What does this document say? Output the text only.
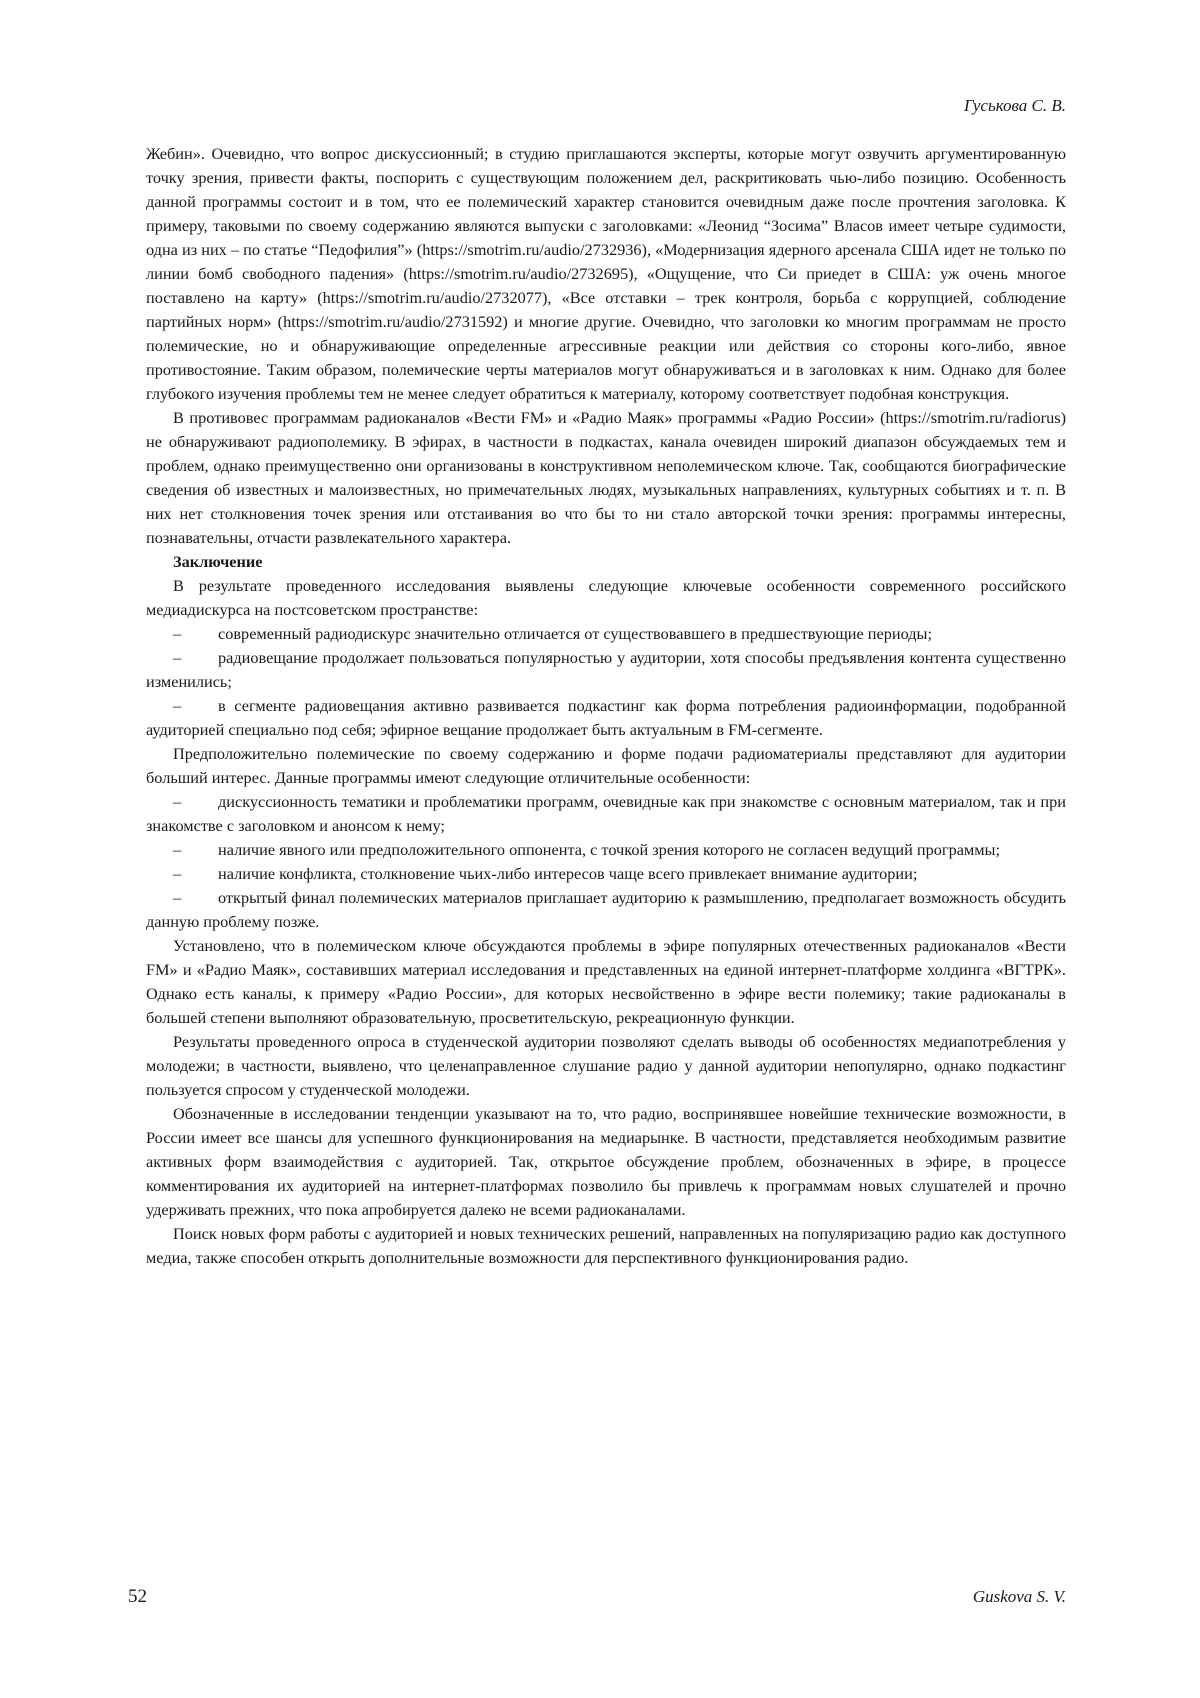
Гуськова С. В.

Жебин». Очевидно, что вопрос дискуссионный; в студию приглашаются эксперты, которые могут озвучить аргументированную точку зрения, привести факты, поспорить с существующим положением дел, раскритиковать чью-либо позицию. Особенность данной программы состоит и в том, что ее полемический характер становится очевидным даже после прочтения заголовка. К примеру, таковыми по своему содержанию являются выпуски с заголовками: «Леонид “Зосима” Власов имеет четыре судимости, одна из них – по статье “Педофилия”» (https://smotrim.ru/audio/2732936), «Модернизация ядерного арсенала США идет не только по линии бомб свободного падения» (https://smotrim.ru/audio/2732695), «Ощущение, что Си приедет в США: уж очень многое поставлено на карту» (https://smotrim.ru/audio/2732077), «Все отставки – трек контроля, борьба с коррупцией, соблюдение партийных норм» (https://smotrim.ru/audio/2731592) и многие другие. Очевидно, что заголовки ко многим программам не просто полемические, но и обнаруживающие определенные агрессивные реакции или действия со стороны кого-либо, явное противостояние. Таким образом, полемические черты материалов могут обнаруживаться и в заголовках к ним. Однако для более глубокого изучения проблемы тем не менее следует обратиться к материалу, которому соответствует подобная конструкция.

В противовес программам радиоканалов «Вести FM» и «Радио Маяк» программы «Радио России» (https://smotrim.ru/radiorus) не обнаруживают радиополемику. В эфирах, в частности в подкастах, канала очевиден широкий диапазон обсуждаемых тем и проблем, однако преимущественно они организованы в конструктивном неполемическом ключе. Так, сообщаются биографические сведения об известных и малоизвестных, но примечательных людях, музыкальных направлениях, культурных событиях и т. п. В них нет столкновения точек зрения или отстаивания во что бы то ни стало авторской точки зрения: программы интересны, познавательны, отчасти развлекательного характера.

Заключение

В результате проведенного исследования выявлены следующие ключевые особенности современного российского медиадискурса на постсоветском пространстве:

– современный радиодискурс значительно отличается от существовавшего в предшествующие периоды;

– радиовещание продолжает пользоваться популярностью у аудитории, хотя способы предъявления контента существенно изменились;

– в сегменте радиовещания активно развивается подкастинг как форма потребления радиоинформации, подобранной аудиторией специально под себя; эфирное вещание продолжает быть актуальным в FM-сегменте.

Предположительно полемические по своему содержанию и форме подачи радиоматериалы представляют для аудитории больший интерес. Данные программы имеют следующие отличительные особенности:

– дискуссионность тематики и проблематики программ, очевидные как при знакомстве с основным материалом, так и при знакомстве с заголовком и анонсом к нему;

– наличие явного или предположительного оппонента, с точкой зрения которого не согласен ведущий программы;

– наличие конфликта, столкновение чьих-либо интересов чаще всего привлекает внимание аудитории;

– открытый финал полемических материалов приглашает аудиторию к размышлению, предполагает возможность обсудить данную проблему позже.

Установлено, что в полемическом ключе обсуждаются проблемы в эфире популярных отечественных радиоканалов «Вести FM» и «Радио Маяк», составивших материал исследования и представленных на единой интернет-платформе холдинга «ВГТРК». Однако есть каналы, к примеру «Радио России», для которых несвойственно в эфире вести полемику; такие радиоканалы в большей степени выполняют образовательную, просветительскую, рекреационную функции.

Результаты проведенного опроса в студенческой аудитории позволяют сделать выводы об особенностях медиапотребления у молодежи; в частности, выявлено, что целенаправленное слушание радио у данной аудитории непопулярно, однако подкастинг пользуется спросом у студенческой молодежи.

Обозначенные в исследовании тенденции указывают на то, что радио, воспринявшее новейшие технические возможности, в России имеет все шансы для успешного функционирования на медиарынке. В частности, представляется необходимым развитие активных форм взаимодействия с аудиторией. Так, открытое обсуждение проблем, обозначенных в эфире, в процессе комментирования их аудиторией на интернет-платформах позволило бы привлечь к программам новых слушателей и прочно удерживать прежних, что пока апробируется далеко не всеми радиоканалами.

Поиск новых форм работы с аудиторией и новых технических решений, направленных на популяризацию радио как доступного медиа, также способен открыть дополнительные возможности для перспективного функционирования радио.

52	Guskova S. V.
